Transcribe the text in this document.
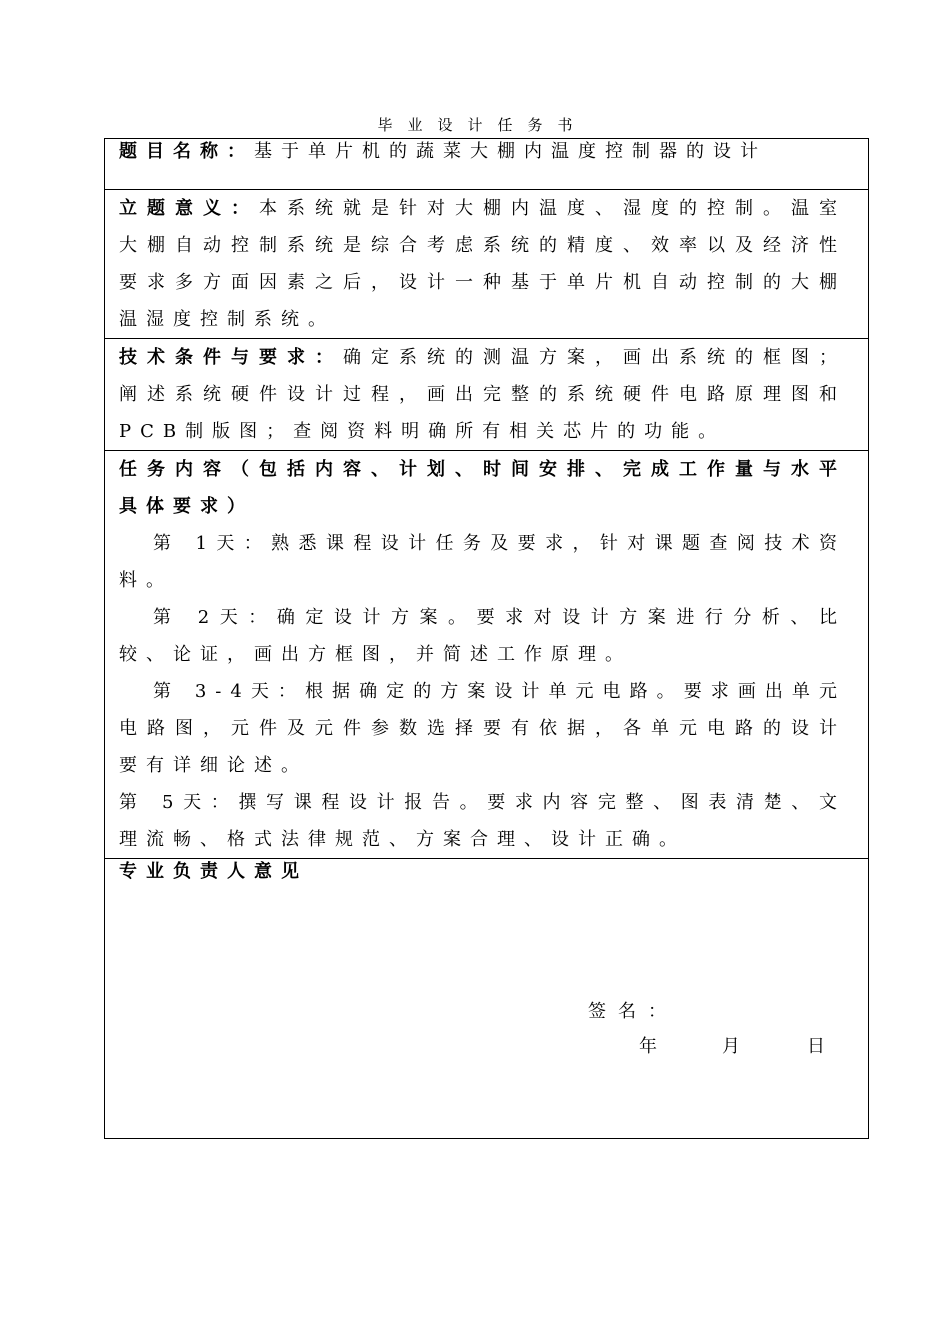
毕业设计任务书
题目名称：基于单片机的蔬菜大棚内温度控制器的设计
立题意义：本系统就是针对大棚内温度、湿度的控制。温室大棚自动控制系统是综合考虑系统的精度、效率以及经济性要求多方面因素之后，设计一种基于单片机自动控制的大棚温湿度控制系统。
技术条件与要求：确定系统的测温方案，画出系统的框图；阐述系统硬件设计过程，画出完整的系统硬件电路原理图和PCB制版图；查阅资料明确所有相关芯片的功能。

任务内容（包括内容、计划、时间安排、完成工作量与水平具体要求）

第 1天：熟悉课程设计任务及要求，针对课题查阅技术资料。

第 2天：确定设计方案。要求对设计方案进行分析、比较、论证，画出方框图，并简述工作原理。

第 3-4天：根据确定的方案设计单元电路。要求画出单元电路图，元件及元件参数选择要有依据，各单元电路的设计要有详细论述。

第 5天：撰写课程设计报告。要求内容完整、图表清楚、文理流畅、格式法律规范、方案合理、设计正确。

专业负责人意见
签名：
年	月	日
